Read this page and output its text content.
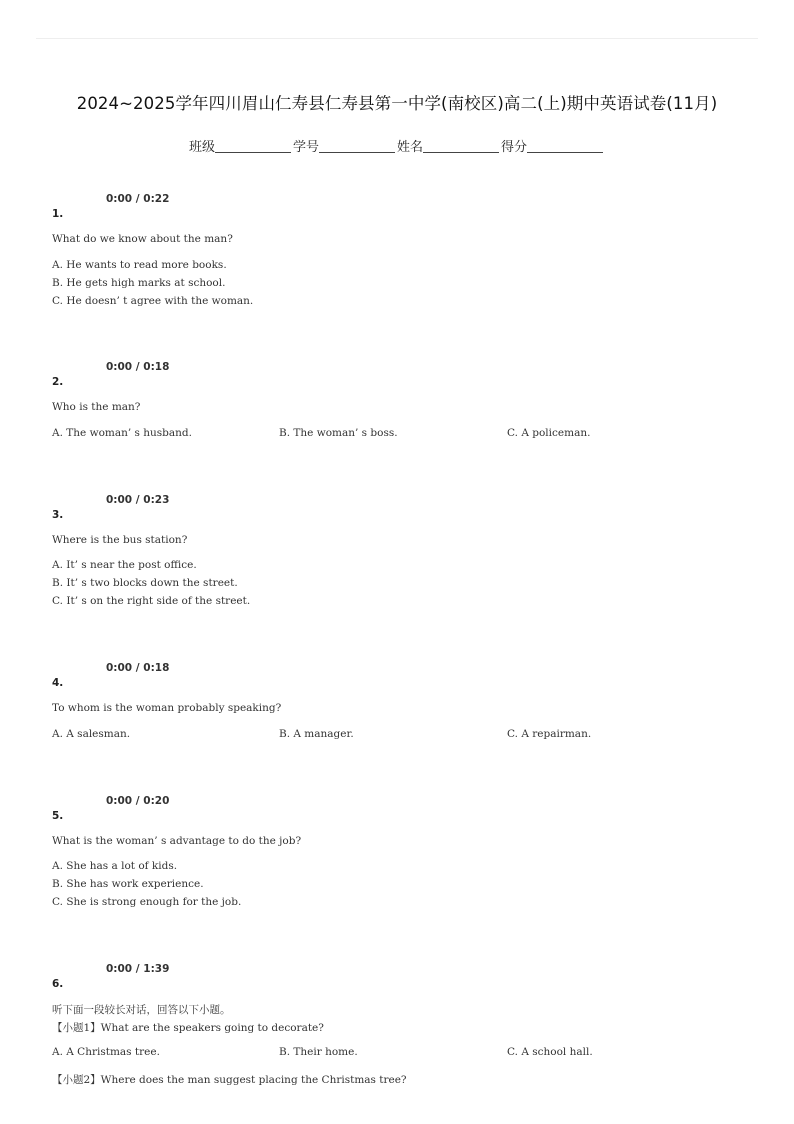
2024~2025学年四川眉山仁寿县仁寿县第一中学(南校区)高二(上)期中英语试卷(11月)
班级	学号	姓名	得分
0:00 / 0:22
1.
What do we know about the man?
A. He wants to read more books.
B. He gets high marks at school.
C. He doesn’ t agree with the woman.
0:00 / 0:18
2.
Who is the man?
A. The woman’ s husband.	B. The woman’ s boss.	C. A policeman.
0:00 / 0:23
3.
Where is the bus station?
A. It’ s near the post office.
B. It’ s two blocks down the street.
C. It’ s on the right side of the street.
0:00 / 0:18
4.
To whom is the woman probably speaking?
A. A salesman.	B. A manager.	C. A repairman.
0:00 / 0:20
5.
What is the woman’ s advantage to do the job?
A. She has a lot of kids.
B. She has work experience.
C. She is strong enough for the job.
0:00 / 1:39
6.
听下面一段较长对话，回答以下小题。
【小题1】What are the speakers going to decorate?
A. A Christmas tree.	B. Their home.	C. A school hall.
【小题2】Where does the man suggest placing the Christmas tree?
